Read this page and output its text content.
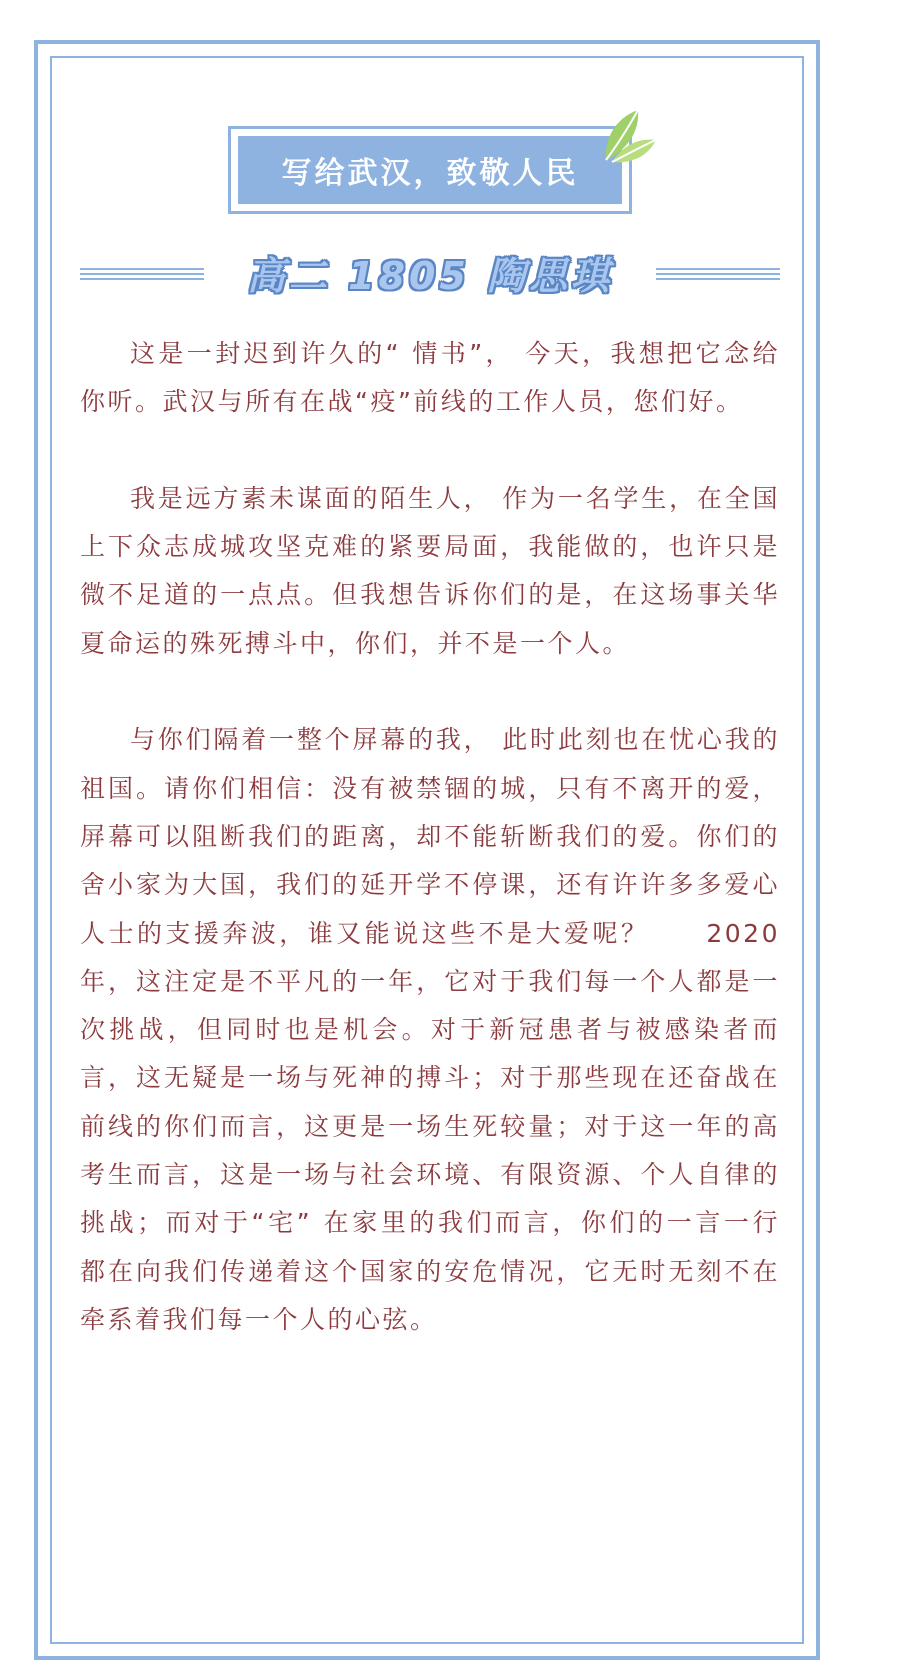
写给武汉，致敬人民
高二 1805 陶思琪

这是一封迟到许久的“ 情书”， 今天，我想把它念给你听。武汉与所有在战“疫”前线的工作人员，您们好。

我是远方素未谋面的陌生人， 作为一名学生，在全国上下众志成城攻坚克难的紧要局面，我能做的，也许只是微不足道的一点点。但我想告诉你们的是，在这场事关华夏命运的殊死搏斗中，你们，并不是一个人。

与你们隔着一整个屏幕的我， 此时此刻也在忧心我的祖国。请你们相信：没有被禁锢的城，只有不离开的爱，屏幕可以阻断我们的距离，却不能斩断我们的爱。你们的舍小家为大国，我们的延开学不停课，还有许许多多爱心人士的支援奔波，谁又能说这些不是大爱呢？　　2020 年，这注定是不平凡的一年，它对于我们每一个人都是一次挑战，但同时也是机会。对于新冠患者与被感染者而言，这无疑是一场与死神的搏斗；对于那些现在还奋战在前线的你们而言，这更是一场生死较量；对于这一年的高考生而言，这是一场与社会环境、有限资源、个人自律的挑战；而对于“宅” 在家里的我们而言，你们的一言一行都在向我们传递着这个国家的安危情况，它无时无刻不在牵系着我们每一个人的心弦。
